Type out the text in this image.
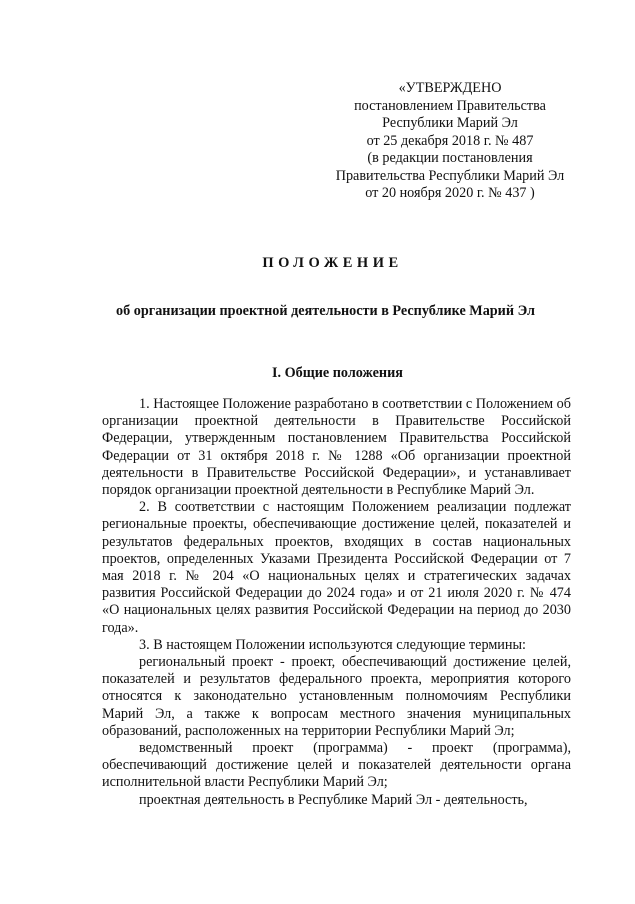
«УТВЕРЖДЕНО
постановлением Правительства
Республики Марий Эл
от 25 декабря 2018 г. № 487
(в редакции постановления
Правительства Республики Марий Эл
от 20 ноября 2020 г. № 437 )
ПОЛОЖЕНИЕ
об организации проектной деятельности в Республике Марий Эл
I. Общие положения

1. Настоящее Положение разработано в соответствии с Положением об организации проектной деятельности в Правительстве Российской Федерации, утвержденным постановлением Правительства Российской Федерации от 31 октября 2018 г. № 1288 «Об организации проектной деятельности в Правительстве Российской Федерации», и устанавливает порядок организации проектной деятельности в Республике Марий Эл.

2. В соответствии с настоящим Положением реализации подлежат региональные проекты, обеспечивающие достижение целей, показателей и результатов федеральных проектов, входящих в состав национальных проектов, определенных Указами Президента Российской Федерации от 7 мая 2018 г. № 204 «О национальных целях и стратегических задачах развития Российской Федерации до 2024 года» и от 21 июля 2020 г. № 474 «О национальных целях развития Российской Федерации на период до 2030 года».

3. В настоящем Положении используются следующие термины:

региональный проект - проект, обеспечивающий достижение целей, показателей и результатов федерального проекта, мероприятия которого относятся к законодательно установленным полномочиям Республики Марий Эл, а также к вопросам местного значения муниципальных образований, расположенных на территории Республики Марий Эл;

ведомственный проект (программа) - проект (программа), обеспечивающий достижение целей и показателей деятельности органа исполнительной власти Республики Марий Эл;

проектная деятельность в Республике Марий Эл - деятельность,
